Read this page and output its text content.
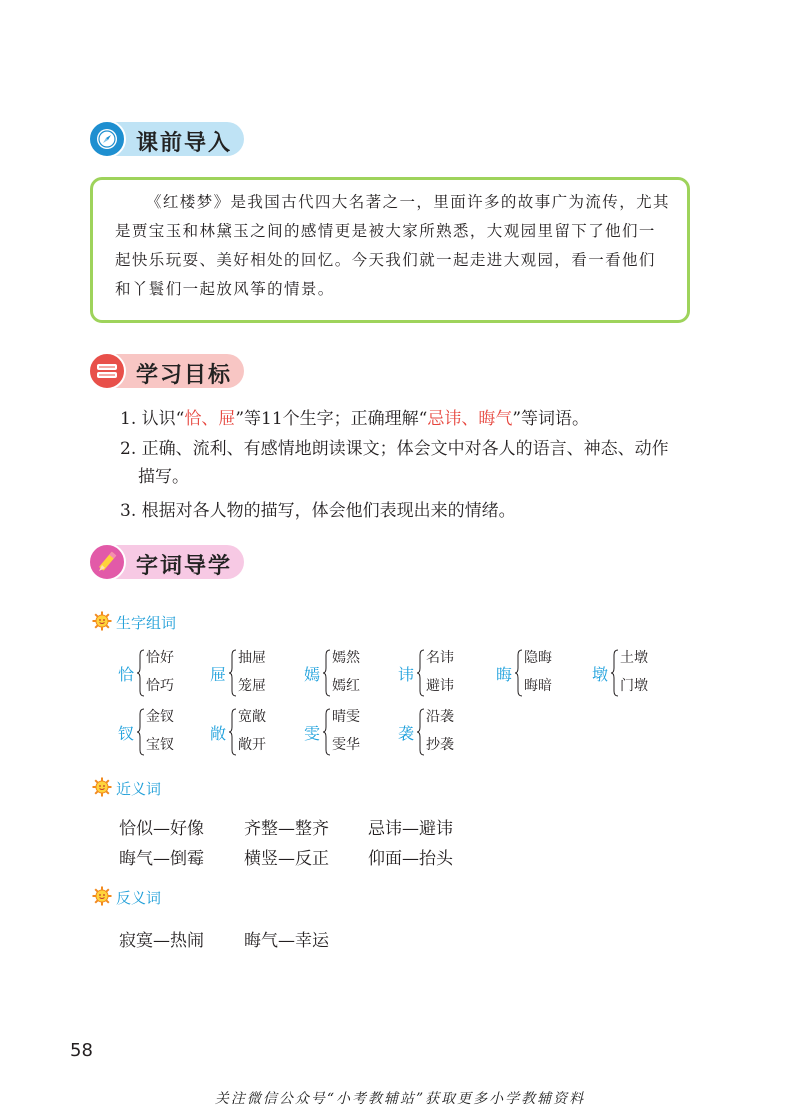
课前导入
《红楼梦》是我国古代四大名著之一，里面许多的故事广为流传，尤其是贾宝玉和林黛玉之间的感情更是被大家所熟悉，大观园里留下了他们一起快乐玩耍、美好相处的回忆。今天我们就一起走进大观园，看一看他们和丫鬟们一起放风筝的情景。
学习目标
1. 认识“恰、屉”等11个生字；正确理解“忌讳、晦气”等词语。
2. 正确、流利、有感情地朗读课文；体会文中对各人的语言、神态、动作
描写。
3. 根据对各人物的描写，体会他们表现出来的情绪。
字词导学
生字组词
恰
恰好
恰巧
屉
抽屉
笼屉
嫣
嫣然
嫣红
讳
名讳
避讳
晦
隐晦
晦暗
墩
土墩
门墩
钗
金钗
宝钗
敞
宽敞
敞开
雯
晴雯
雯华
袭
沿袭
抄袭
近义词
恰似—好像 齐整—整齐 忌讳—避讳
晦气—倒霉 横竖—反正 仰面—抬头
反义词
寂寞—热闹 晦气—幸运
58
关注微信公众号“小考教辅站”获取更多小学教辅资料
